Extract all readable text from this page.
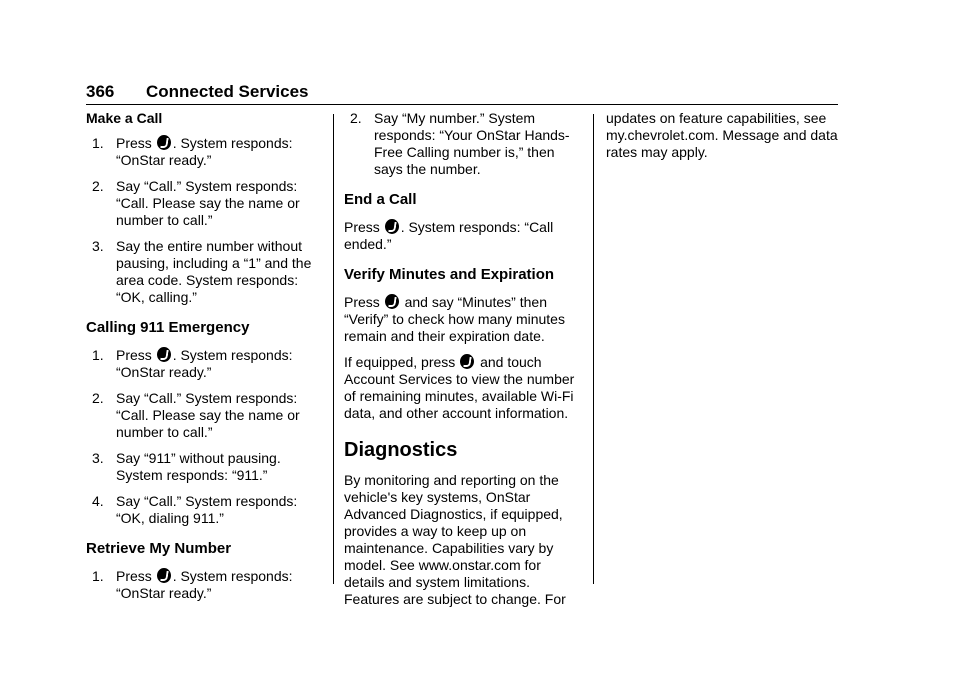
366 Connected Services
Make a Call
1. Press . System responds: “OnStar ready.”
2. Say “Call.” System responds: “Call. Please say the name or number to call.”
3. Say the entire number without pausing, including a “1” and the area code. System responds: “OK, calling.”
Calling 911 Emergency
1. Press . System responds: “OnStar ready.”
2. Say “Call.” System responds: “Call. Please say the name or number to call.”
3. Say “911” without pausing. System responds: “911.”
4. Say “Call.” System responds: “OK, dialing 911.”
Retrieve My Number
1. Press . System responds: “OnStar ready.”
2. Say “My number.” System responds: “Your OnStar Hands-Free Calling number is,” then says the number.
End a Call

Press . System responds: “Call ended.”

Verify Minutes and Expiration

Press  and say “Minutes” then “Verify” to check how many minutes remain and their expiration date.

If equipped, press  and touch Account Services to view the number of remaining minutes, available Wi-Fi data, and other account information.

Diagnostics

By monitoring and reporting on the vehicle's key systems, OnStar Advanced Diagnostics, if equipped, provides a way to keep up on maintenance. Capabilities vary by model. See www.onstar.com for details and system limitations. Features are subject to change. For

updates on feature capabilities, see my.chevrolet.com. Message and data rates may apply.
